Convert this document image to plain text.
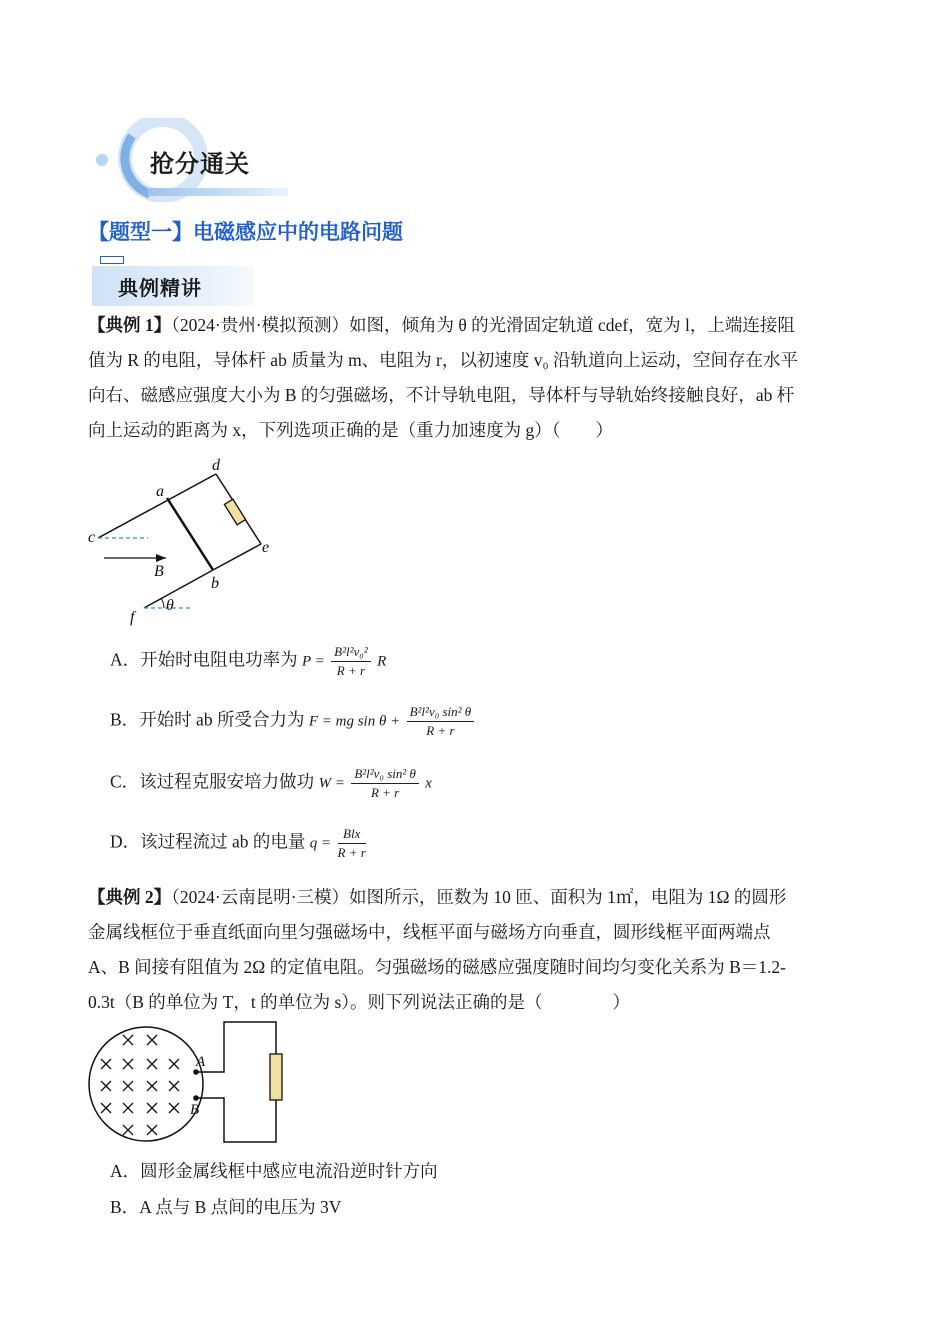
抢分通关
【题型一】电磁感应中的电路问题
典例精讲

【典例 1】（2024·贵州·模拟预测）如图，倾角为 θ 的光滑固定轨道 cdef，宽为 l，上端连接阻

值为 R 的电阻，导体杆 ab 质量为 m、电阻为 r，以初速度 v₀ 沿轨道向上运动，空间存在水平

向右、磁感应强度大小为 B 的匀强磁场，不计导轨电阻，导体杆与导轨始终接触良好，ab 杆

向上运动的距离为 x，下列选项正确的是（重力加速度为 g）（　　）

d
a
c
e
B
b
θ
f
A．开始时电阻电功率为 $P = \frac{\text{B²l²v₀²}}{R + r}$ R
B．开始时 ab 所受合力为 F = mg $\sin \theta + \frac{\text{B²l²v₀ sin² θ}}{R + r}$
C．该过程克服安培力做功 $W = \frac{\text{B²l²v₀ sin² θ}}{R + r}$ x
D．该过程流过 ab 的电量 $q = \frac{\text{Blx}}{R + r}$

【典例 2】（2024·云南昆明·三模）如图所示，匝数为 10 匝、面积为 1㎡，电阻为 1Ω 的圆形

金属线框位于垂直纸面向里匀强磁场中，线框平面与磁场方向垂直，圆形线框平面两端点

A、B 间接有阻值为 2Ω 的定值电阻。匀强磁场的磁感应强度随时间均匀变化关系为 B＝1.2-

0.3t（B 的单位为 T，t 的单位为 s）。则下列说法正确的是（　　　　）

A
B
A．圆形金属线框中感应电流沿逆时针方向
B．A 点与 B 点间的电压为 3V
